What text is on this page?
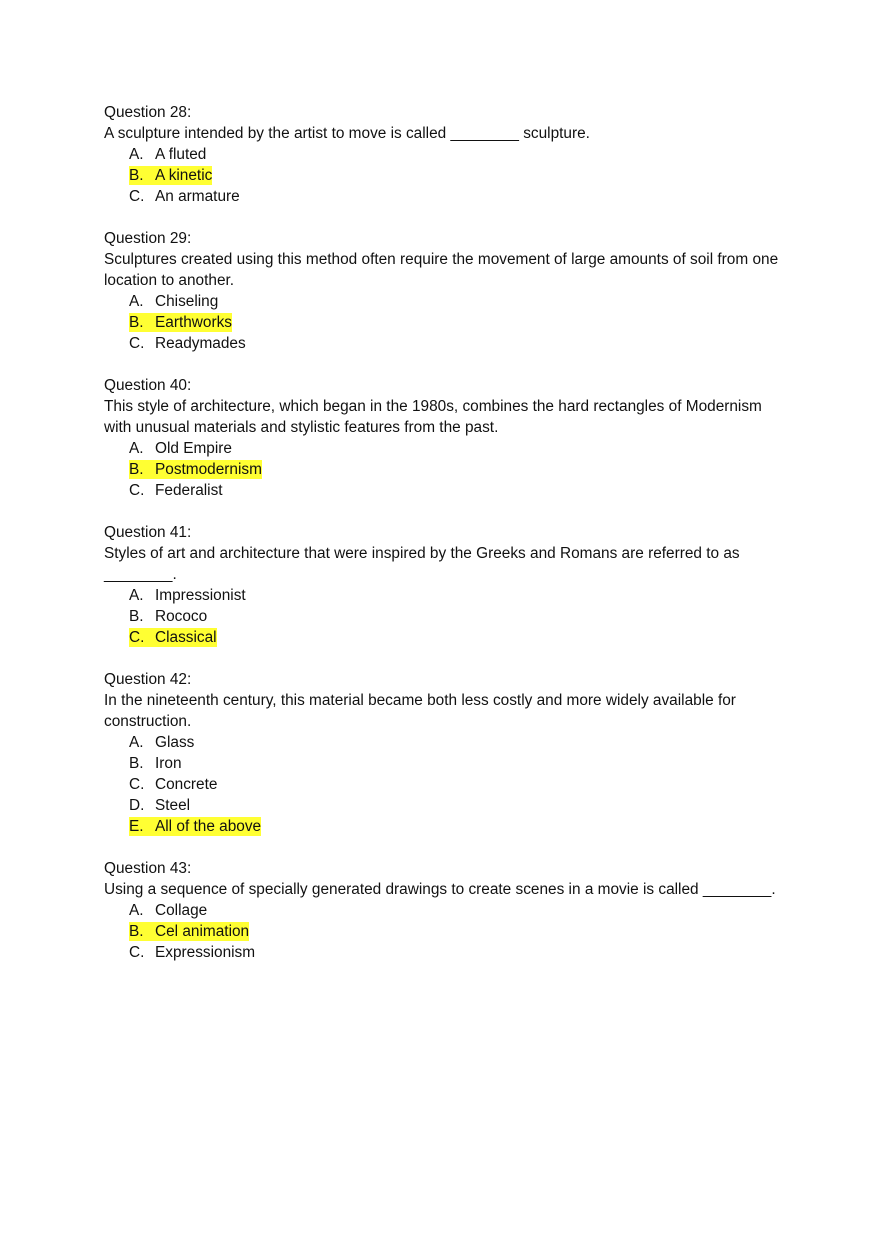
Question 28:
A sculpture intended by the artist to move is called ________ sculpture.
A. A fluted
B. A kinetic
C. An armature
Question 29:
Sculptures created using this method often require the movement of large amounts of soil from one location to another.
A. Chiseling
B. Earthworks
C. Readymades
Question 40:
This style of architecture, which began in the 1980s, combines the hard rectangles of Modernism with unusual materials and stylistic features from the past.
A. Old Empire
B. Postmodernism
C. Federalist
Question 41:
Styles of art and architecture that were inspired by the Greeks and Romans are referred to as ________.
A. Impressionist
B. Rococo
C. Classical
Question 42:
In the nineteenth century, this material became both less costly and more widely available for construction.
A. Glass
B. Iron
C. Concrete
D. Steel
E. All of the above
Question 43:
Using a sequence of specially generated drawings to create scenes in a movie is called ________.
A. Collage
B. Cel animation
C. Expressionism
